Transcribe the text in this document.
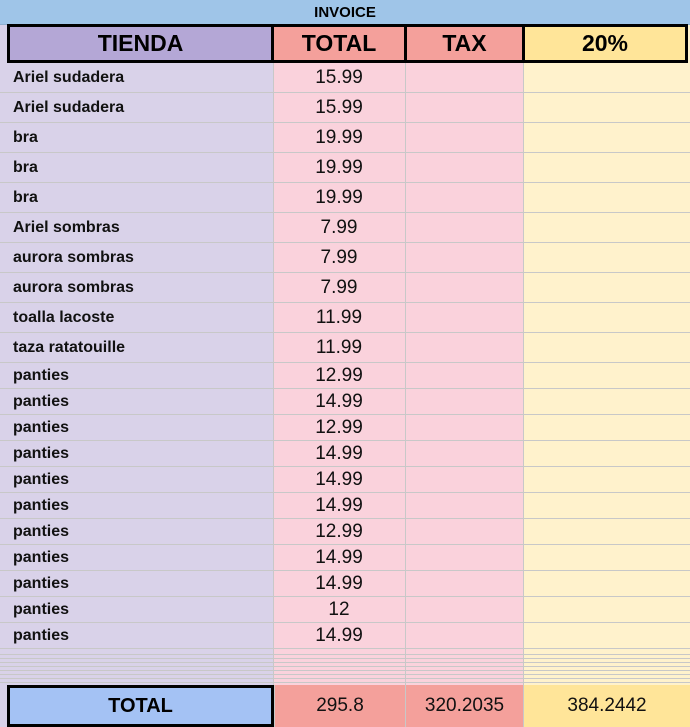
INVOICE
TIENDA	TOTAL	TAX	20%
Ariel sudadera	15.99
Ariel sudadera	15.99
bra	19.99
bra	19.99
bra	19.99
Ariel sombras	7.99
aurora sombras	7.99
aurora sombras	7.99
toalla lacoste	11.99
taza ratatouille	11.99
panties	12.99
panties	14.99
panties	12.99
panties	14.99
panties	14.99
panties	14.99
panties	12.99
panties	14.99
panties	14.99
panties	12
panties	14.99
TOTAL	295.8	320.2035	384.2442
